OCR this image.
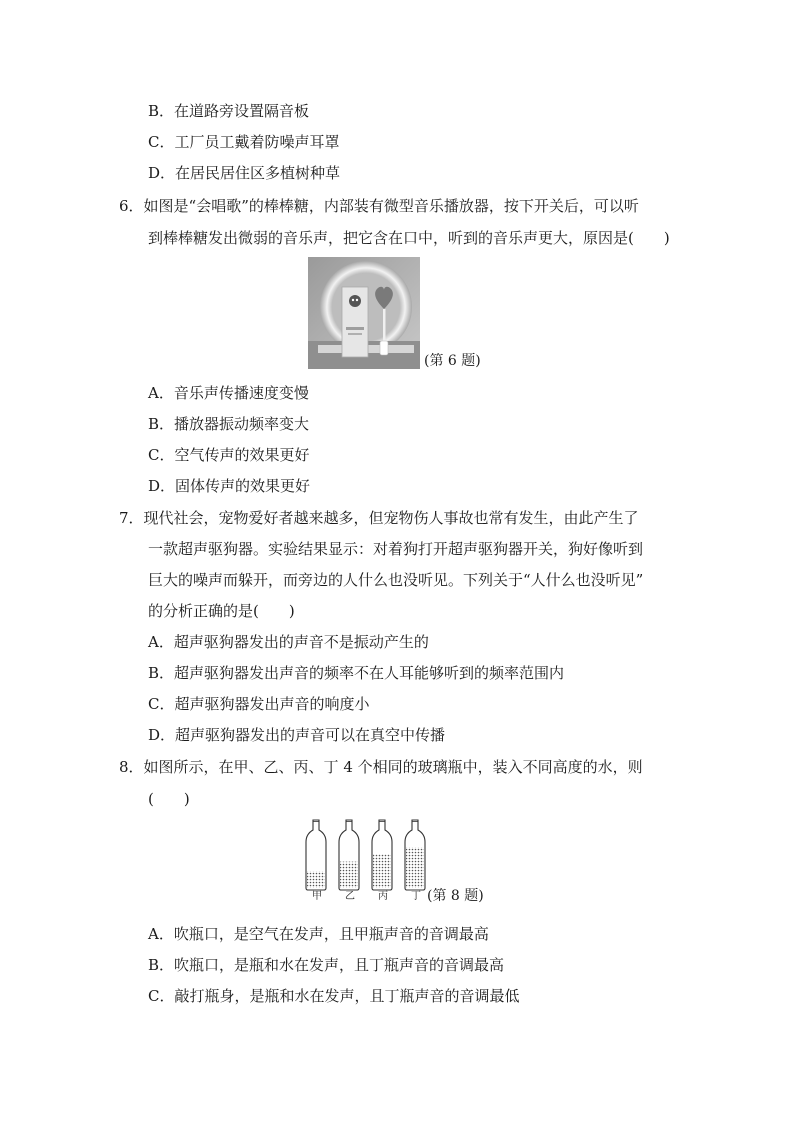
B．在道路旁设置隔音板
C．工厂员工戴着防噪声耳罩
D．在居民居住区多植树种草
6．如图是“会唱歌”的棒棒糖，内部装有微型音乐播放器，按下开关后，可以听
到棒棒糖发出微弱的音乐声，把它含在口中，听到的音乐声更大，原因是(　　)
(第 6 题)
A．音乐声传播速度变慢
B．播放器振动频率变大
C．空气传声的效果更好
D．固体传声的效果更好
7．现代社会，宠物爱好者越来越多，但宠物伤人事故也常有发生，由此产生了
一款超声驱狗器。实验结果显示：对着狗打开超声驱狗器开关，狗好像听到
巨大的噪声而躲开，而旁边的人什么也没听见。下列关于“人什么也没听见”
的分析正确的是(　　)
A．超声驱狗器发出的声音不是振动产生的
B．超声驱狗器发出声音的频率不在人耳能够听到的频率范围内
C．超声驱狗器发出声音的响度小
D．超声驱狗器发出的声音可以在真空中传播
8．如图所示，在甲、乙、丙、丁 4 个相同的玻璃瓶中，装入不同高度的水，则
(　　)
甲 乙 丙 丁 (第 8 题)
A．吹瓶口，是空气在发声，且甲瓶声音的音调最高
B．吹瓶口，是瓶和水在发声，且丁瓶声音的音调最高
C．敲打瓶身，是瓶和水在发声，且丁瓶声音的音调最低
